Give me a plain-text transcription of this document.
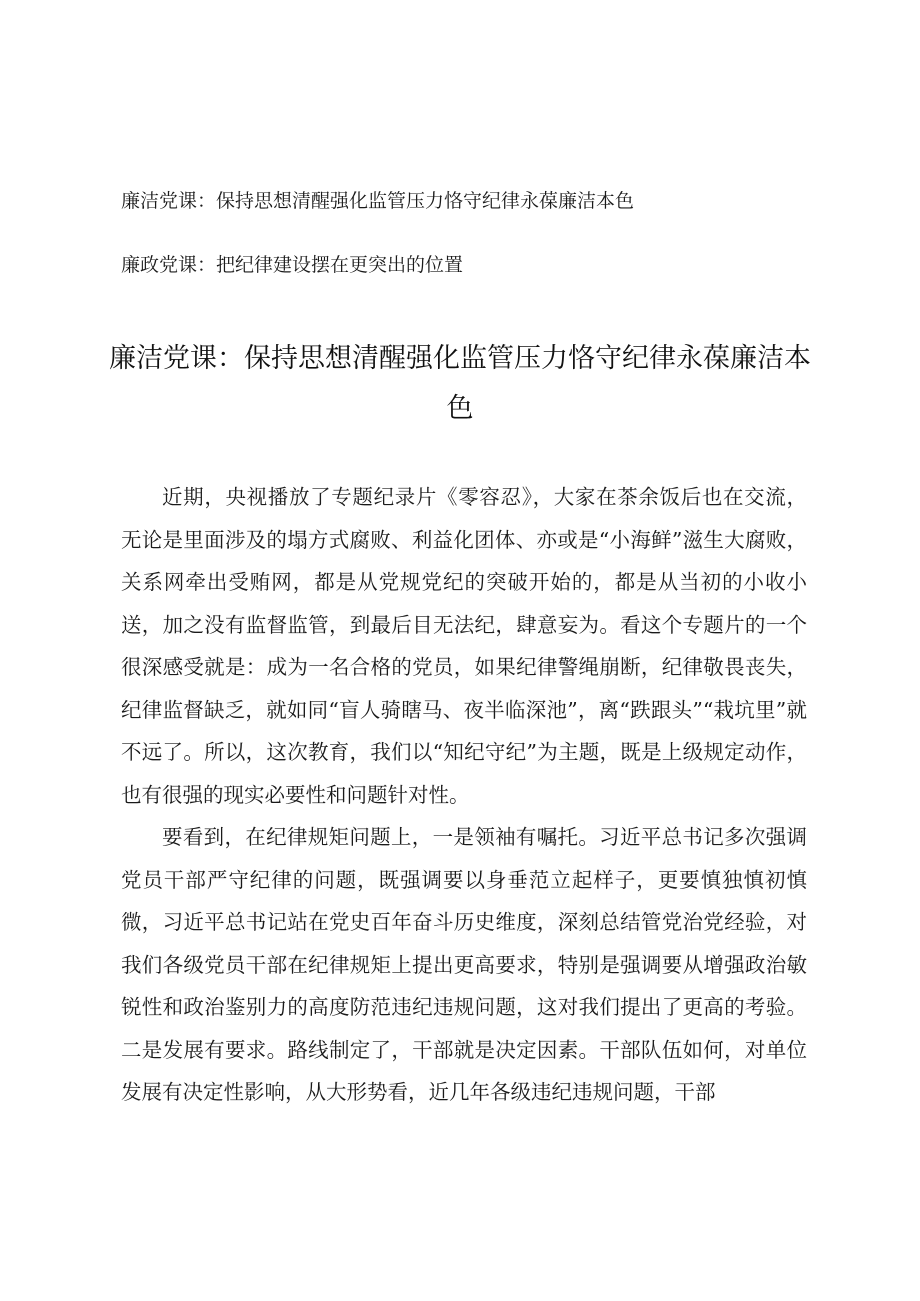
廉洁党课：保持思想清醒强化监管压力恪守纪律永葆廉洁本色
廉政党课：把纪律建设摆在更突出的位置
廉洁党课：保持思想清醒强化监管压力恪守纪律永葆廉洁本色

近期，央视播放了专题纪录片《零容忍》，大家在茶余饭后也在交流，无论是里面涉及的塌方式腐败、利益化团体、亦或是“小海鲜”滋生大腐败，关系网牵出受贿网，都是从党规党纪的突破开始的，都是从当初的小收小送，加之没有监督监管，到最后目无法纪，肆意妄为。看这个专题片的一个很深感受就是：成为一名合格的党员，如果纪律警绳崩断，纪律敬畏丧失，纪律监督缺乏，就如同“盲人骑瞎马、夜半临深池”，离“跌跟头”“栽坑里”就不远了。所以，这次教育，我们以“知纪守纪”为主题，既是上级规定动作，也有很强的现实必要性和问题针对性。

要看到，在纪律规矩问题上，一是领袖有嘱托。习近平总书记多次强调党员干部严守纪律的问题，既强调要以身垂范立起样子，更要慎独慎初慎微，习近平总书记站在党史百年奋斗历史维度，深刻总结管党治党经验，对我们各级党员干部在纪律规矩上提出更高要求，特别是强调要从增强政治敏锐性和政治鉴别力的高度防范违纪违规问题，这对我们提出了更高的考验。二是发展有要求。路线制定了，干部就是决定因素。干部队伍如何，对单位发展有决定性影响，从大形势看，近几年各级违纪违规问题，干部
